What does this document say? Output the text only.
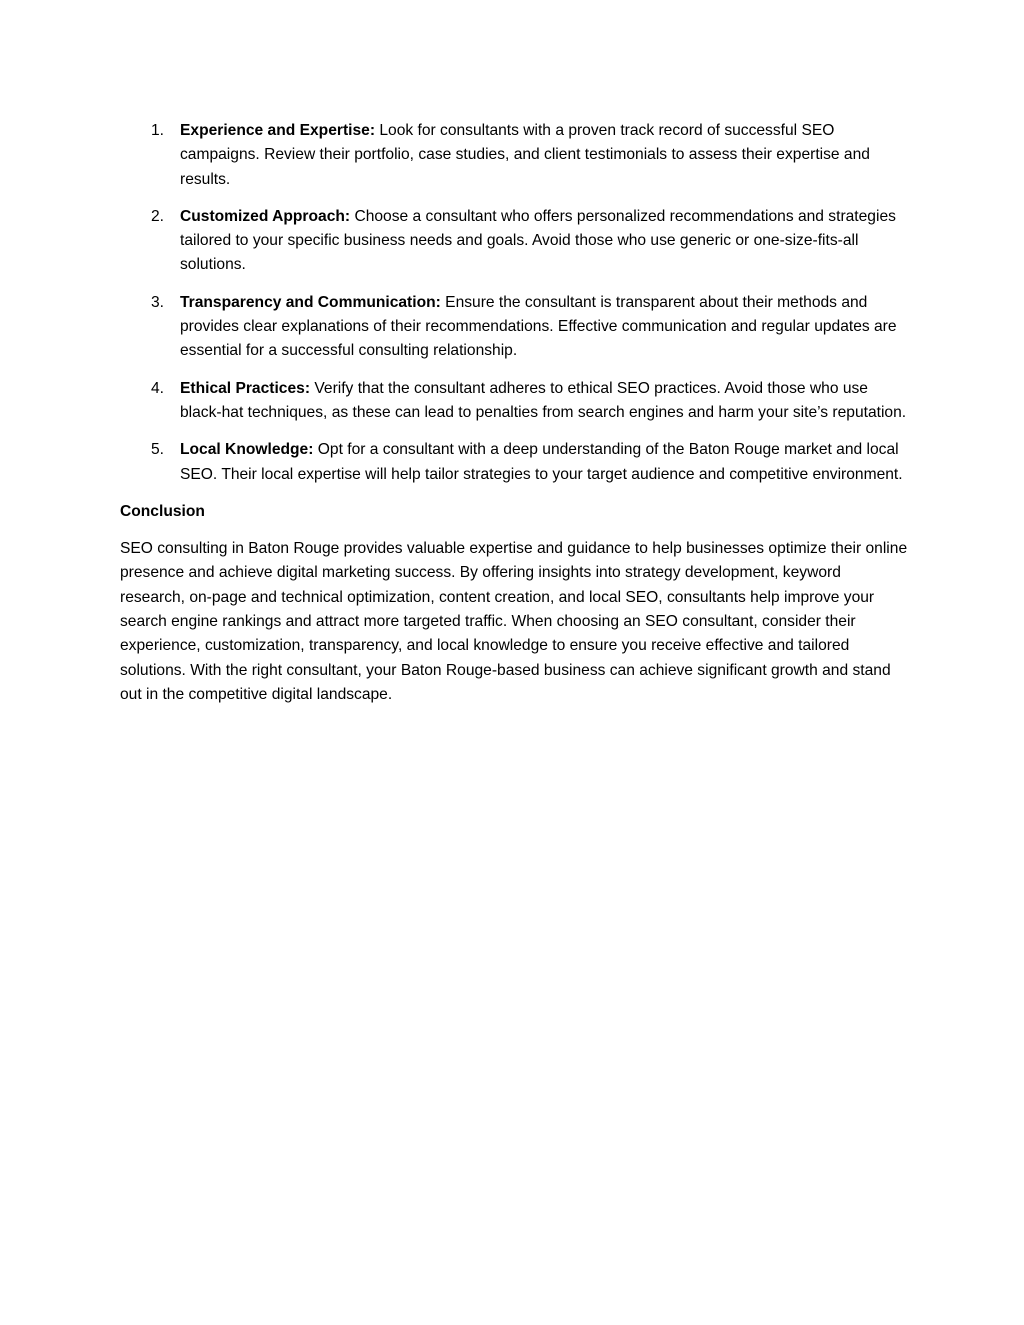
1. Experience and Expertise: Look for consultants with a proven track record of successful SEO campaigns. Review their portfolio, case studies, and client testimonials to assess their expertise and results.
2. Customized Approach: Choose a consultant who offers personalized recommendations and strategies tailored to your specific business needs and goals. Avoid those who use generic or one-size-fits-all solutions.
3. Transparency and Communication: Ensure the consultant is transparent about their methods and provides clear explanations of their recommendations. Effective communication and regular updates are essential for a successful consulting relationship.
4. Ethical Practices: Verify that the consultant adheres to ethical SEO practices. Avoid those who use black-hat techniques, as these can lead to penalties from search engines and harm your site’s reputation.
5. Local Knowledge: Opt for a consultant with a deep understanding of the Baton Rouge market and local SEO. Their local expertise will help tailor strategies to your target audience and competitive environment.
Conclusion

SEO consulting in Baton Rouge provides valuable expertise and guidance to help businesses optimize their online presence and achieve digital marketing success. By offering insights into strategy development, keyword research, on-page and technical optimization, content creation, and local SEO, consultants help improve your search engine rankings and attract more targeted traffic. When choosing an SEO consultant, consider their experience, customization, transparency, and local knowledge to ensure you receive effective and tailored solutions. With the right consultant, your Baton Rouge-based business can achieve significant growth and stand out in the competitive digital landscape.
